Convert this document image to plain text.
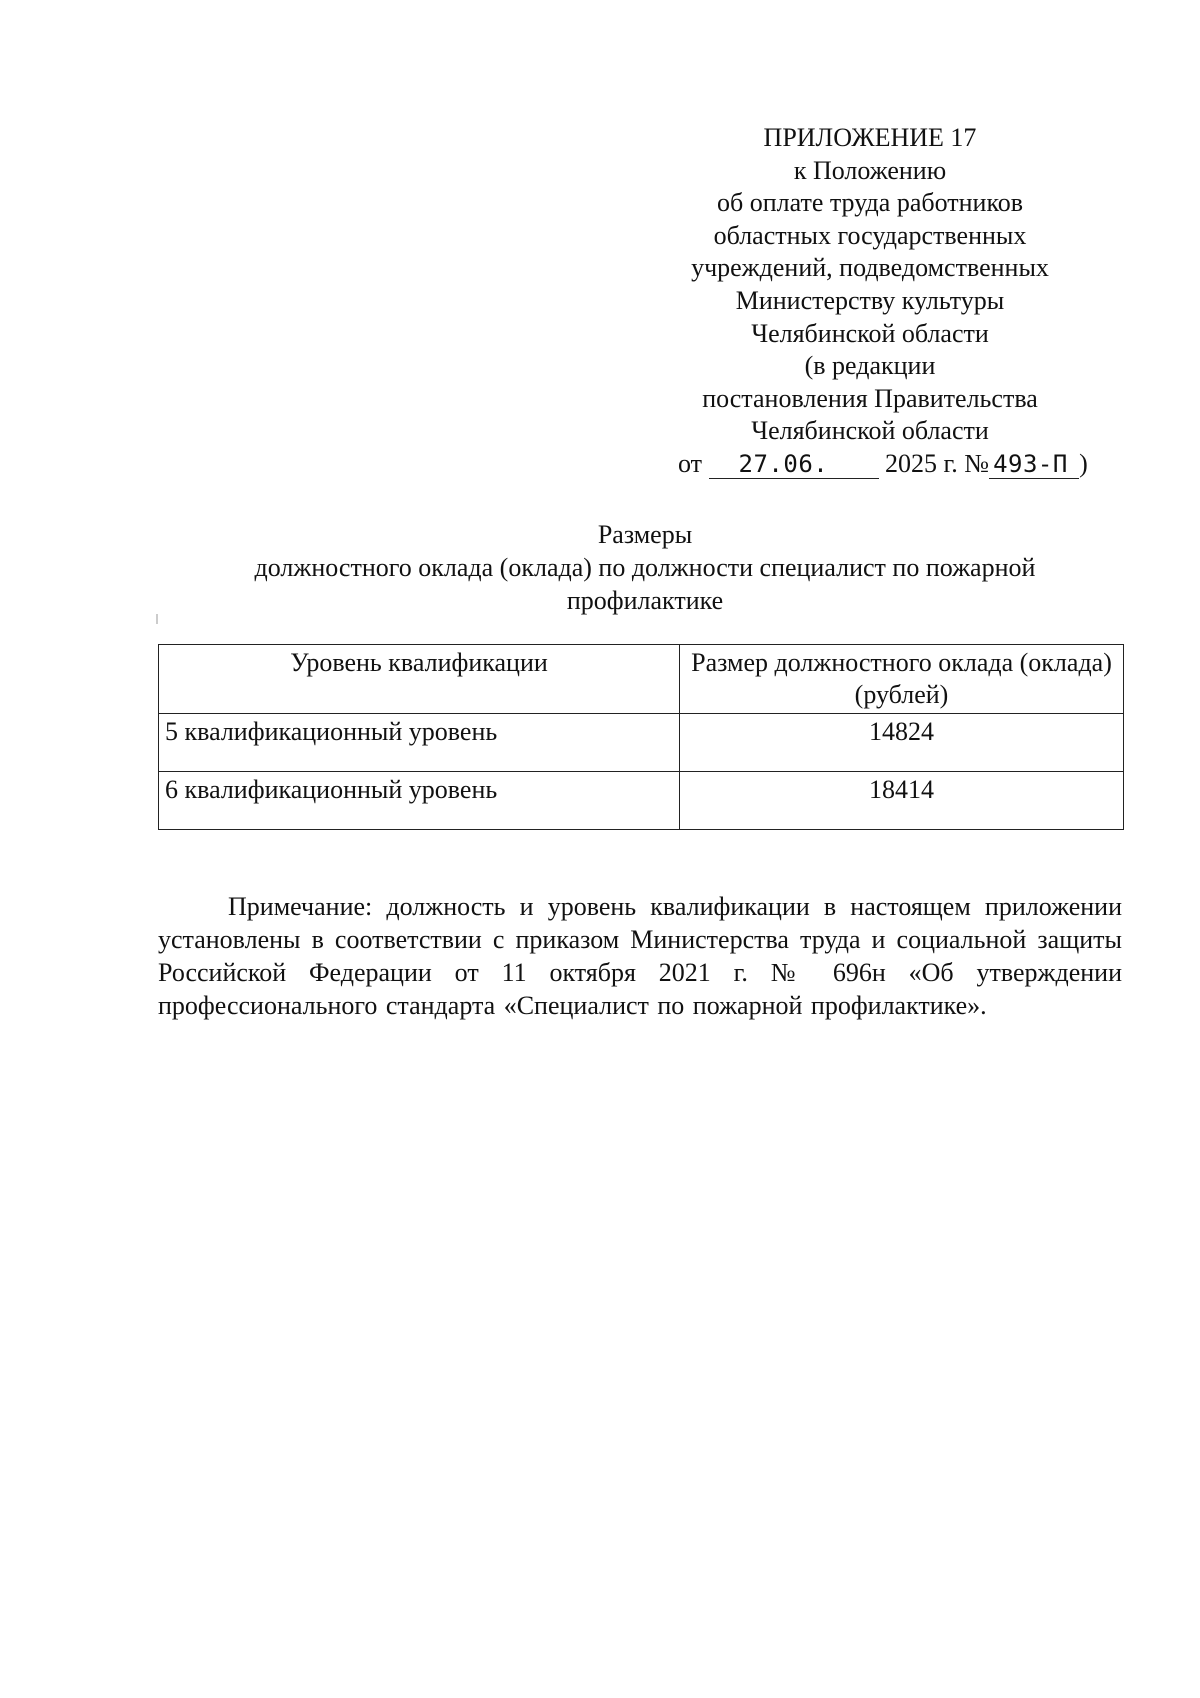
ПРИЛОЖЕНИЕ 17
к Положению
об оплате труда работников
областных государственных
учреждений, подведомственных
Министерству культуры
Челябинской области
(в редакции
постановления Правительства
Челябинской области
от 27.06. 2025 г. № 493-П )
Размеры
должностного оклада (оклада) по должности специалист по пожарной
профилактике
Уровень квалификации	Размер должностного оклада (оклада) (рублей)
5 квалификационный уровень	14824
6 квалификационный уровень	18414

Примечание: должность и уровень квалификации в настоящем приложении установлены в соответствии с приказом Министерства труда и социальной защиты Российской Федерации от 11 октября 2021 г. № 696н «Об утверждении профессионального стандарта «Специалист по пожарной профилактике».
